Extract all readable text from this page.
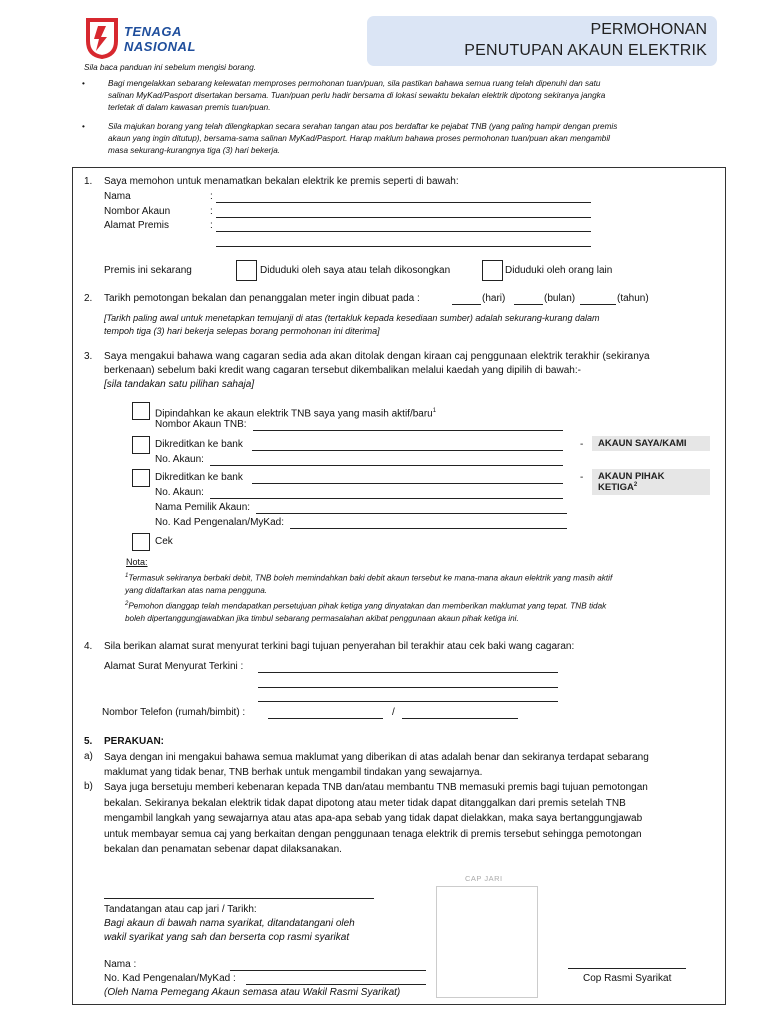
TENAGA
NASIONAL
PERMOHONAN
PENUTUPAN AKAUN ELEKTRIK
Sila baca panduan ini sebelum mengisi borang.
•	Bagi mengelakkan sebarang kelewatan memproses permohonan tuan/puan, sila pastikan bahawa semua ruang telah dipenuhi dan satu
salinan MyKad/Pasport disertakan bersama. Tuan/puan perlu hadir bersama di lokasi sewaktu bekalan elektrik dipotong sekiranya jangka
terletak di dalam kawasan premis tuan/puan.
•	Sila majukan borang yang telah dilengkapkan secara serahan tangan atau pos berdaftar ke pejabat TNB (yang paling hampir dengan premis
akaun yang ingin ditutup), bersama-sama salinan MyKad/Pasport. Harap maklum bahawa proses permohonan tuan/puan akan mengambil
masa sekurang-kurangnya tiga (3) hari bekerja.
1. Saya memohon untuk menamatkan bekalan elektrik ke premis seperti di bawah:
Nama	:
Nombor Akaun	:
Alamat Premis	:
Premis ini sekarang	Diduduki oleh saya atau telah dikosongkan	Diduduki oleh orang lain
2. Tarikh pemotongan bekalan dan penanggalan meter ingin dibuat pada :	(hari)	(bulan)	(tahun)
[Tarikh paling awal untuk menetapkan temujanji di atas (tertakluk kepada kesediaan sumber) adalah sekurang-kurang dalam
tempoh tiga (3) hari bekerja selepas borang permohonan ini diterima]
3. Saya mengakui bahawa wang cagaran sedia ada akan ditolak dengan kiraan caj penggunaan elektrik terakhir (sekiranya
berkenaan) sebelum baki kredit wang cagaran tersebut dikembalikan melalui kaedah yang dipilih di bawah:-
[sila tandakan satu pilihan sahaja]
Dipindahkan ke akaun elektrik TNB saya yang masih aktif/baru$^1$
Nombor Akaun TNB:
Dikreditkan ke bank	-	AKAUN SAYA/KAMI
No. Akaun:
Dikreditkan ke bank	-	AKAUN PIHAK KETIGA$^2$
No. Akaun:
Nama Pemilik Akaun:
No. Kad Pengenalan/MyKad:
Cek
Nota:
$^1$Termasuk sekiranya berbaki debit, TNB boleh memindahkan baki debit akaun tersebut ke mana-mana akaun elektrik yang masih aktif
yang didaftarkan atas nama pengguna.
$^2$Pemohon dianggap telah mendapatkan persetujuan pihak ketiga yang dinyatakan dan memberikan maklumat yang tepat. TNB tidak
boleh dipertanggungjawabkan jika timbul sebarang permasalahan akibat penggunaan akaun pihak ketiga ini.
4. Sila berikan alamat surat menyurat terkini bagi tujuan penyerahan bil terakhir atau cek baki wang cagaran:
Alamat Surat Menyurat Terkini :
Nombor Telefon (rumah/bimbit) :	/
5. PERAKUAN:
a) Saya dengan ini mengakui bahawa semua maklumat yang diberikan di atas adalah benar dan sekiranya terdapat sebarang
maklumat yang tidak benar, TNB berhak untuk mengambil tindakan yang sewajarnya.
b) Saya juga bersetuju memberi kebenaran kepada TNB dan/atau membantu TNB memasuki premis bagi tujuan pemotongan
bekalan. Sekiranya bekalan elektrik tidak dapat dipotong atau meter tidak dapat ditanggalkan dari premis setelah TNB
mengambil langkah yang sewajarnya atau atas apa-apa sebab yang tidak dapat dielakkan, maka saya bertanggungjawab
untuk membayar semua caj yang berkaitan dengan penggunaan tenaga elektrik di premis tersebut sehingga pemotongan
bekalan dan penamatan sebenar dapat dilaksanakan.
CAP JARI
Tandatangan atau cap jari / Tarikh:
Bagi akaun di bawah nama syarikat, ditandatangani oleh
wakil syarikat yang sah dan berserta cop rasmi syarikat
Nama :
No. Kad Pengenalan/MyKad :
(Oleh Nama Pemegang Akaun semasa atau Wakil Rasmi Syarikat)
Cop Rasmi Syarikat
